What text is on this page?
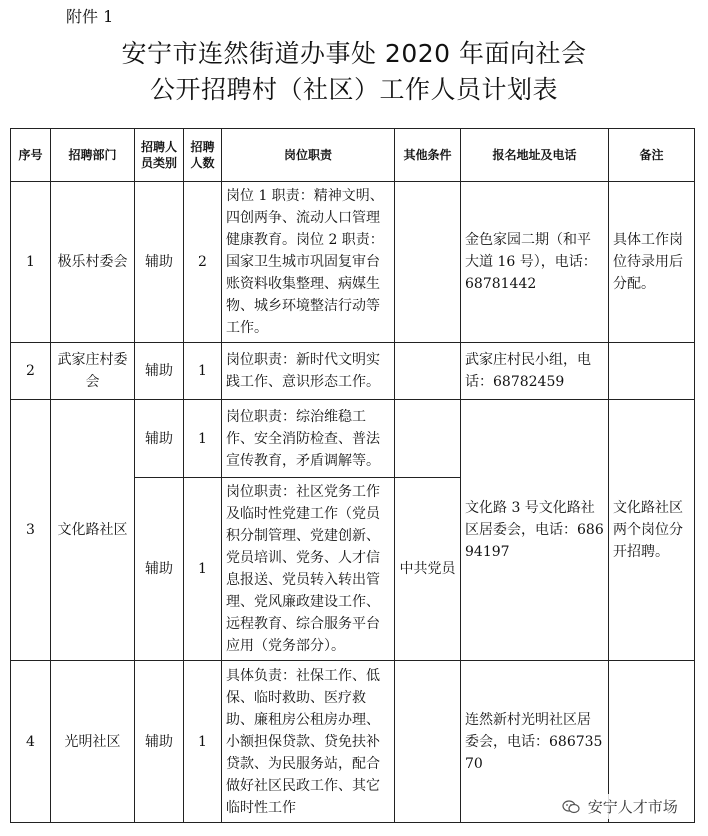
附件 1
安宁市连然街道办事处 2020 年面向社会
公开招聘村（社区）工作人员计划表
序号	招聘部门	招聘人员类别	招聘人数	岗位职责	其他条件	报名地址及电话	备注
1	极乐村委会	辅助	2	岗位 1 职责：精神文明、四创两争、流动人口管理健康教育。岗位 2 职责：国家卫生城市巩固复审台账资料收集整理、病媒生物、城乡环境整洁行动等工作。		金色家园二期（和平大道 16 号），电话：68781442	具体工作岗位待录用后分配。
2	武家庄村委会	辅助	1	岗位职责：新时代文明实践工作、意识形态工作。		武家庄村民小组，电话：68782459	
3	文化路社区	辅助	1	岗位职责：综治维稳工作、安全消防检查、普法宣传教育，矛盾调解等。		文化路 3 号文化路社区居委会，电话：68694197	文化路社区两个岗位分开招聘。
		辅助	1	岗位职责：社区党务工作及临时性党建工作（党员积分制管理、党建创新、党员培训、党务、人才信息报送、党员转入转出管理、党风廉政建设工作、远程教育、综合服务平台应用（党务部分）。	中共党员		
4	光明社区	辅助	1	具体负责：社保工作、低保、临时救助、医疗救助、廉租房公租房办理、小额担保贷款、贷免扶补贷款、为民服务站，配合做好社区民政工作、其它临时性工作		连然新村光明社区居委会，电话：68673570	
安宁人才市场
